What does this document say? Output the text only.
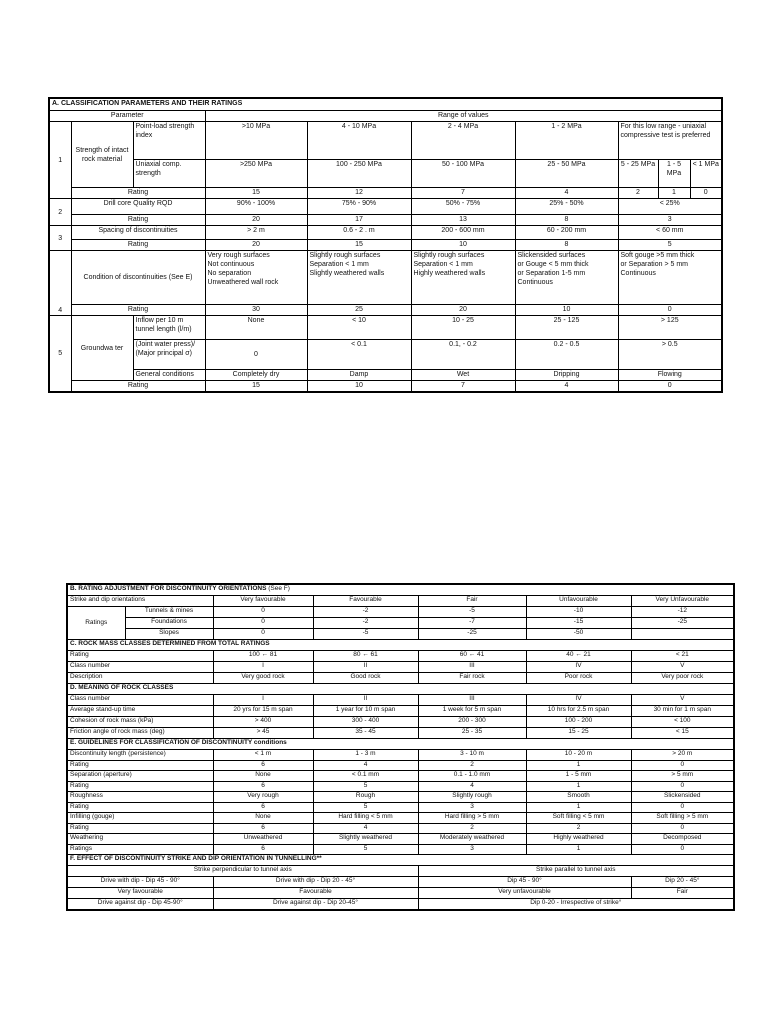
A. CLASSIFICATION PARAMETERS AND THEIR RATINGS									
Parameter			Range of values						
1	Strength of intact rock material	Point-load strength index	>10 MPa	4 - 10 MPa	2 - 4 MPa	1 - 2 MPa	For this low range - uniaxial compressive test is preferred		
		Uniaxial comp. strength	>250 MPa	100 - 250 MPa	50 - 100 MPa	25 - 50 MPa	5 - 25 MPa	1 - 5 MPa	< 1 MPa
	Rating		15	12	7	4	2	1	0
2	Drill core Quality RQD		90% - 100%	75% - 90%	50% - 75%	25% - 50%	< 25%		
	Rating		20	17	13	8	3		
3	Spacing of discontinuities		> 2 m	0.6 - 2 . m	200 - 600 mm	60 - 200 mm	< 60 mm		
	Rating		20	15	10	8	5		
4	Condition of discontinuities (See E)		Very rough surfaces
Not continuous
No separation
Unweathered wall rock	Slightly rough surfaces
Separation < 1 mm
Slightly weathered walls	Slightly rough surfaces
Separation < 1 mm
Highly weathered walls	Slickensided surfaces
or Gouge < 5 mm thick
or Separation 1-5 mm
Continuous	Soft gouge >5 mm thick
or Separation > 5 mm
Continuous		
	Rating		30	25	20	10	0		
5	Groundwa ter	Inflow per 10 m tunnel length (l/m)	None	< 10	10 - 25	25 - 125	> 125		
		(Joint water press)/ (Major principal σ)	0	< 0.1	0.1, - 0.2	0.2 - 0.5	> 0.5		
		General conditions	Completely dry	Damp	Wet	Dripping	Flowing		
	Rating		15	10	7	4	0		
B. RATING ADJUSTMENT FOR DISCONTINUITY ORIENTATIONS (See F)						
Strike and dip orientations		Very favourable	Favourable	Fair	Unfavourable	Very Unfavourable
Ratings	Tunnels & mines	0	-2	-5	-10	-12
	Foundations	0	-2	-7	-15	-25
	Slopes	0	-5	-25	-50	
C. ROCK MASS CLASSES DETERMINED FROM TOTAL RATINGS						
Rating		100 ← 81	80 ← 61	60 ← 41	40 ← 21	< 21
Class number		I	II	III	IV	V
Description		Very good rock	Good rock	Fair rock	Poor rock	Very poor rock
D. MEANING OF ROCK CLASSES						
Class number		I	II	III	IV	V
Average stand-up time		20 yrs for 15 m span	1 year for 10 m span	1 week for 5 m span	10 hrs for 2.5 m span	30 min for 1 m span
Cohesion of rock mass (kPa)		> 400	300 - 400	200 - 300	100 - 200	< 100
Friction angle of rock mass (deg)		> 45	35 - 45	25 - 35	15 - 25	< 15
E. GUIDELINES FOR CLASSIFICATION OF DISCONTINUITY conditions						
Discontinuity length (persistence)		< 1 m	1 - 3 m	3 - 10 m	10 - 20 m	> 20 m
Rating		6	4	2	1	0
Separation (aperture)		None	< 0.1 mm	0.1 - 1.0 mm	1 - 5 mm	> 5 mm
Rating		6	5	4	1	0
Roughness		Very rough	Rough	Slightly rough	Smooth	Slickensided
Rating		6	5	3	1	0
Infilling (gouge)		None	Hard filling < 5 mm	Hard filling > 5 mm	Soft filling < 5 mm	Soft filling > 5 mm
Rating		6	4	2	2	0
Weathering		Unweathered	Slightly weathered	Moderately weathered	Highly weathered	Decomposed
Ratings		6	5	3	1	0
F. EFFECT OF DISCONTINUITY STRIKE AND DIP ORIENTATION IN TUNNELLING**						
Strike perpendicular to tunnel axis				Strike parallel to tunnel axis		
Drive with dip - Dip 45 - 90°		Drive with dip - Dip 20 - 45°		Dip 45 - 90°		Dip 20 - 45°
Very favourable		Favourable		Very unfavourable		Fair
Drive against dip - Dip 45-90°		Drive against dip - Dip 20-45°		Dip 0-20 - Irrespective of strike°		
